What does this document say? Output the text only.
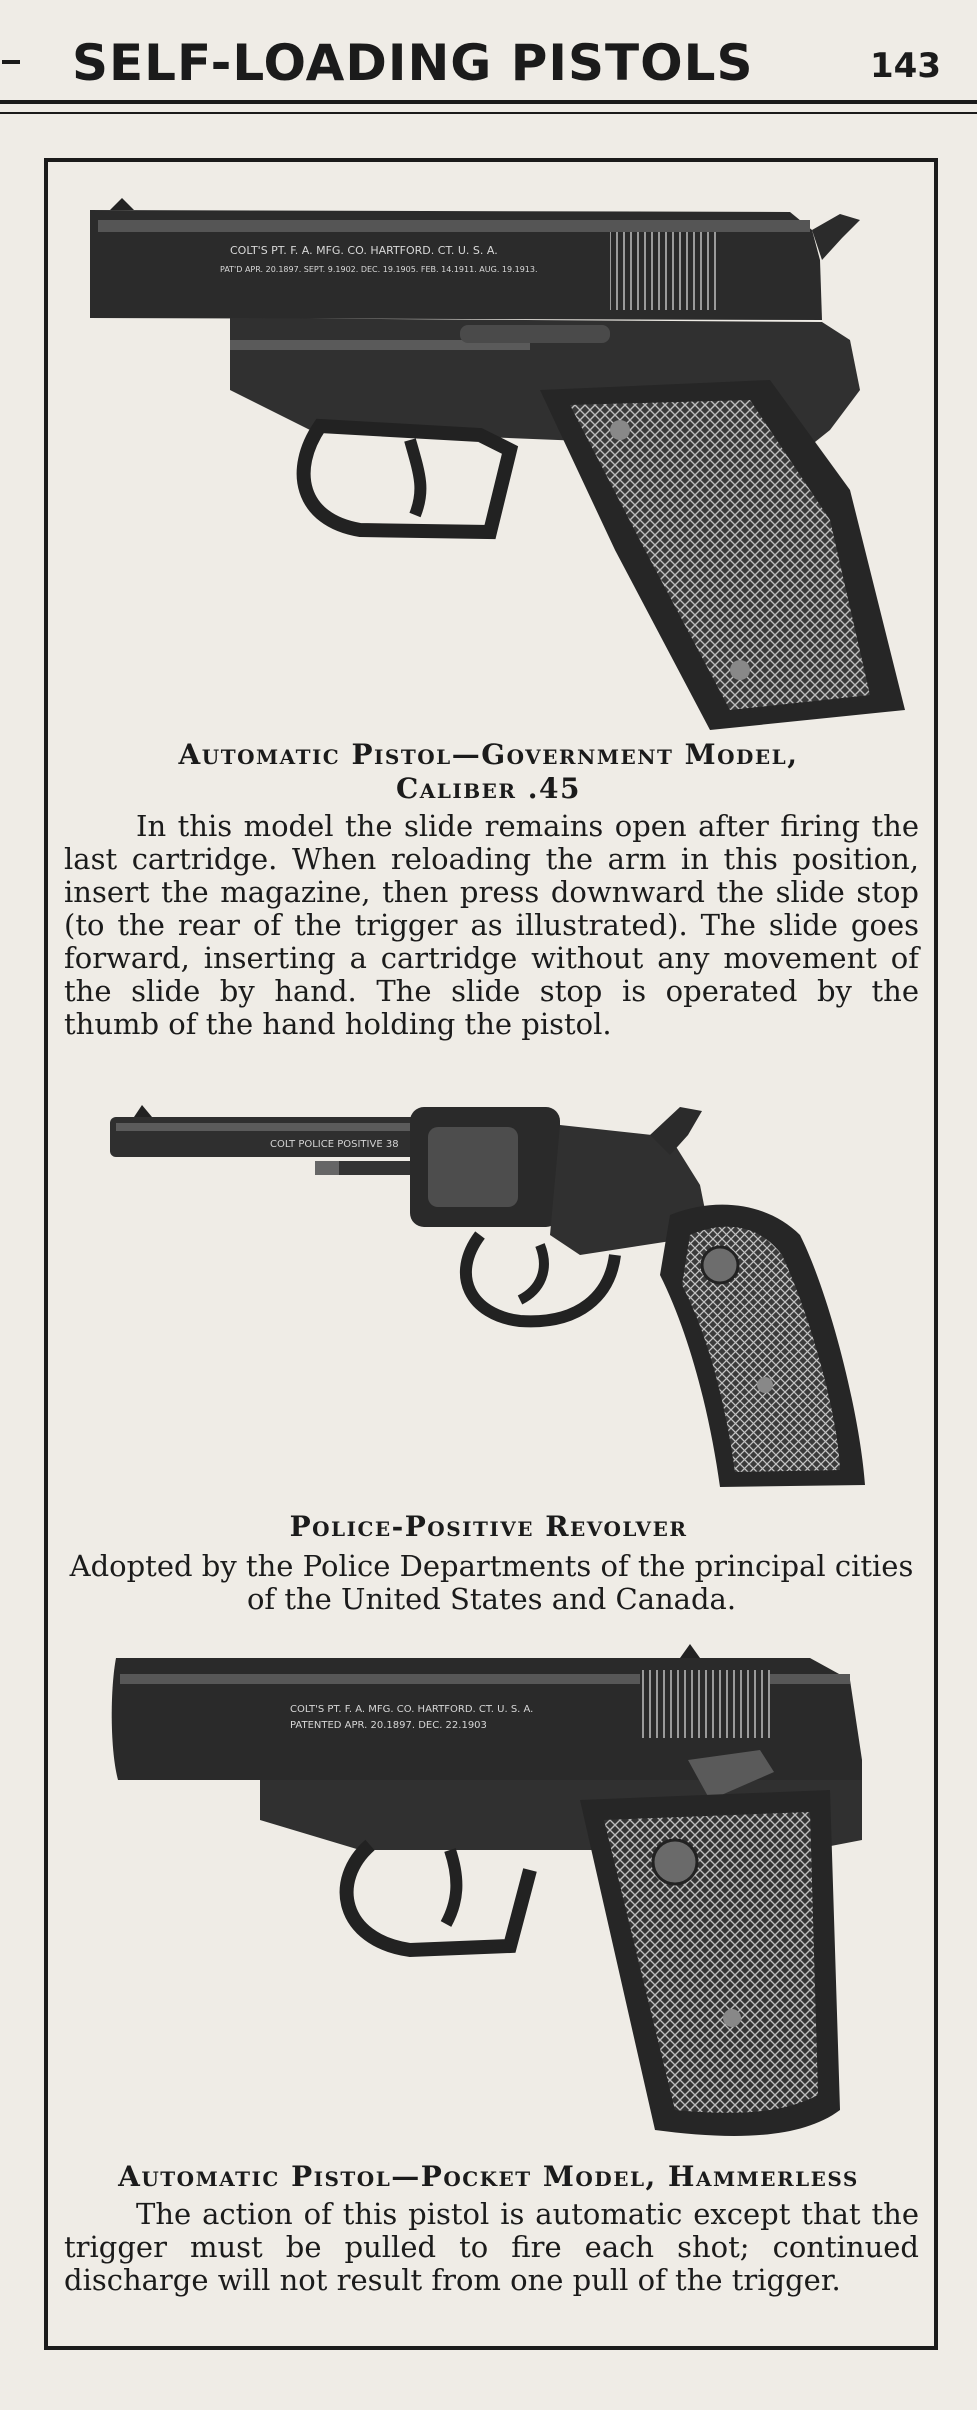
SELF-LOADING PISTOLS	143
COLT'S PT. F. A. MFG. CO. HARTFORD. CT. U. S. A.
PAT'D APR. 20.1897. SEPT. 9.1902. DEC. 19.1905. FEB. 14.1911. AUG. 19.1913.
Automatic Pistol—Government Model,
Caliber .45
In this model the slide remains open after firing the last cartridge. When reloading the arm in this position, insert the magazine, then press downward the slide stop (to the rear of the trigger as illustrated). The slide goes forward, inserting a cartridge without any movement of the slide by hand. The slide stop is operated by the thumb of the hand holding the pistol.
COLT POLICE POSITIVE 38
Police-Positive Revolver
Adopted by the Police Departments of the principal cities of the United States and Canada.
COLT'S PT. F. A. MFG. CO. HARTFORD. CT. U. S. A.
PATENTED APR. 20.1897. DEC. 22.1903
Automatic Pistol—Pocket Model, Hammerless
The action of this pistol is automatic except that the trigger must be pulled to fire each shot; continued discharge will not result from one pull of the trigger.
